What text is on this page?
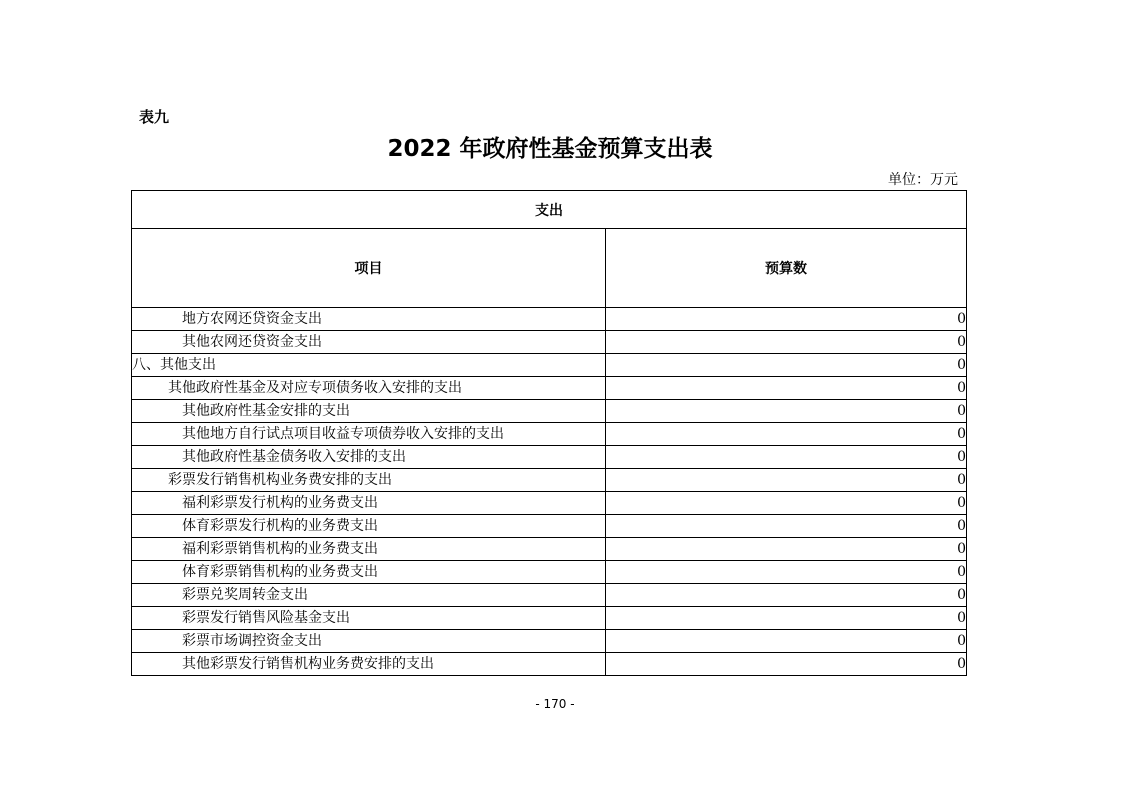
表九
2022 年政府性基金预算支出表
单位：万元
支出	
项目	预算数
地方农网还贷资金支出	0
其他农网还贷资金支出	0
八、其他支出	0
其他政府性基金及对应专项债务收入安排的支出	0
其他政府性基金安排的支出	0
其他地方自行试点项目收益专项债券收入安排的支出	0
其他政府性基金债务收入安排的支出	0
彩票发行销售机构业务费安排的支出	0
福利彩票发行机构的业务费支出	0
体育彩票发行机构的业务费支出	0
福利彩票销售机构的业务费支出	0
体育彩票销售机构的业务费支出	0
彩票兑奖周转金支出	0
彩票发行销售风险基金支出	0
彩票市场调控资金支出	0
其他彩票发行销售机构业务费安排的支出	0
- 170 -
